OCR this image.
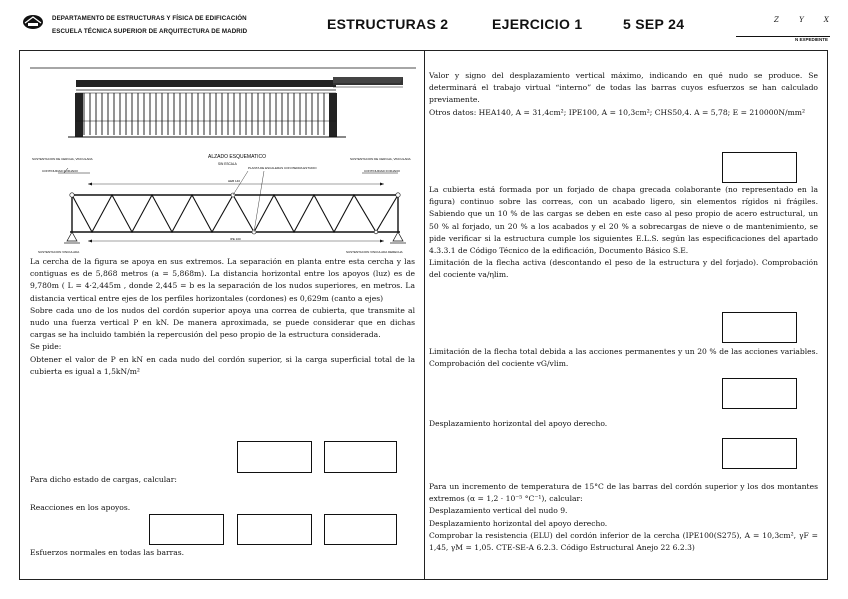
DEPARTAMENTO DE ESTRUCTURAS Y FÍSICA DE EDIFICACIÓN
ESCUELA TÉCNICA SUPERIOR DE ARQUITECTURA DE MADRID	ESTRUCTURAS 2	EJERCICIO 1	5 SEP 24	Z Y X
N EXPEDIENTE
ALZADO ESQUEMATICO
SIN ESCALA
SUSTENTACION DE CERCHA, VINCULADA
CONTINUIDAD FORJADO
SUSTENTACION DE CERCHA, VINCULADA
CONTINUIDAD FORJADO
PLANTA DE ESCALERAS CON PIEDRA ESTUDIO
HEB 140
IPE 100
SUSTENTACION VINCULADA	SUSTENTACION VINCULADA DERECHA

La cercha de la figura se apoya en sus extremos. La separación en planta entre esta cercha y las contiguas es de 5,868 metros (a = 5,868m). La distancia horizontal entre los apoyos (luz) es de 9,780m ( L = 4·2,445m , donde 2,445 = b es la separación de los nudos superiores, en metros. La distancia vertical entre ejes de los perfiles horizontales (cordones) es 0,629m (canto a ejes)

Sobre cada uno de los nudos del cordón superior apoya una correa de cubierta, que transmite al nudo una fuerza vertical P en kN. De manera aproximada, se puede considerar que en dichas cargas se ha incluido también la repercusión del peso propio de la estructura considerada.

Se pide:

Obtener el valor de P en kN en cada nudo del cordón superior, si la carga superficial total de la cubierta es igual a 1,5kN/m²

Para dicho estado de cargas, calcular:
Reacciones en los apoyos.
Esfuerzos normales en todas las barras.

Valor y signo del desplazamiento vertical máximo, indicando en qué nudo se produce. Se determinará el trabajo virtual “interno” de todas las barras cuyos esfuerzos se han calculado previamente.

Otros datos: HEA140, A = 31,4cm²; IPE100, A = 10,3cm²; CHS50,4. A = 5,78; E = 210000N/mm²

La cubierta está formada por un forjado de chapa grecada colaborante (no representado en la figura) continuo sobre las correas, con un acabado ligero, sin elementos rígidos ni frágiles. Sabiendo que un 10 % de las cargas se deben en este caso al peso propio de acero estructural, un 50 % al forjado, un 20 % a los acabados y el 20 % a sobrecargas de nieve o de mantenimiento, se pide verificar si la estructura cumple los siguientes E.L.S. según las especificaciones del apartado 4.3.3.1 de Código Técnico de la edificación, Documento Básico S.E.

Limitación de la flecha activa (descontando el peso de la estructura y del forjado). Comprobación del cociente va/ηlim.

Limitación de la flecha total debida a las acciones permanentes y un 20 % de las acciones variables. Comprobación del cociente vG/vlim.
Desplazamiento horizontal del apoyo derecho.

Para un incremento de temperatura de 15°C de las barras del cordón superior y los dos montantes extremos (α = 1,2 · 10⁻⁵ °C⁻¹), calcular:

Desplazamiento vertical del nudo 9.

Desplazamiento horizontal del apoyo derecho.

Comprobar la resistencia (ELU) del cordón inferior de la cercha (IPE100(S275), A = 10,3cm², γF = 1,45, γM = 1,05. CTE-SE-A 6.2.3. Código Estructural Anejo 22 6.2.3)
